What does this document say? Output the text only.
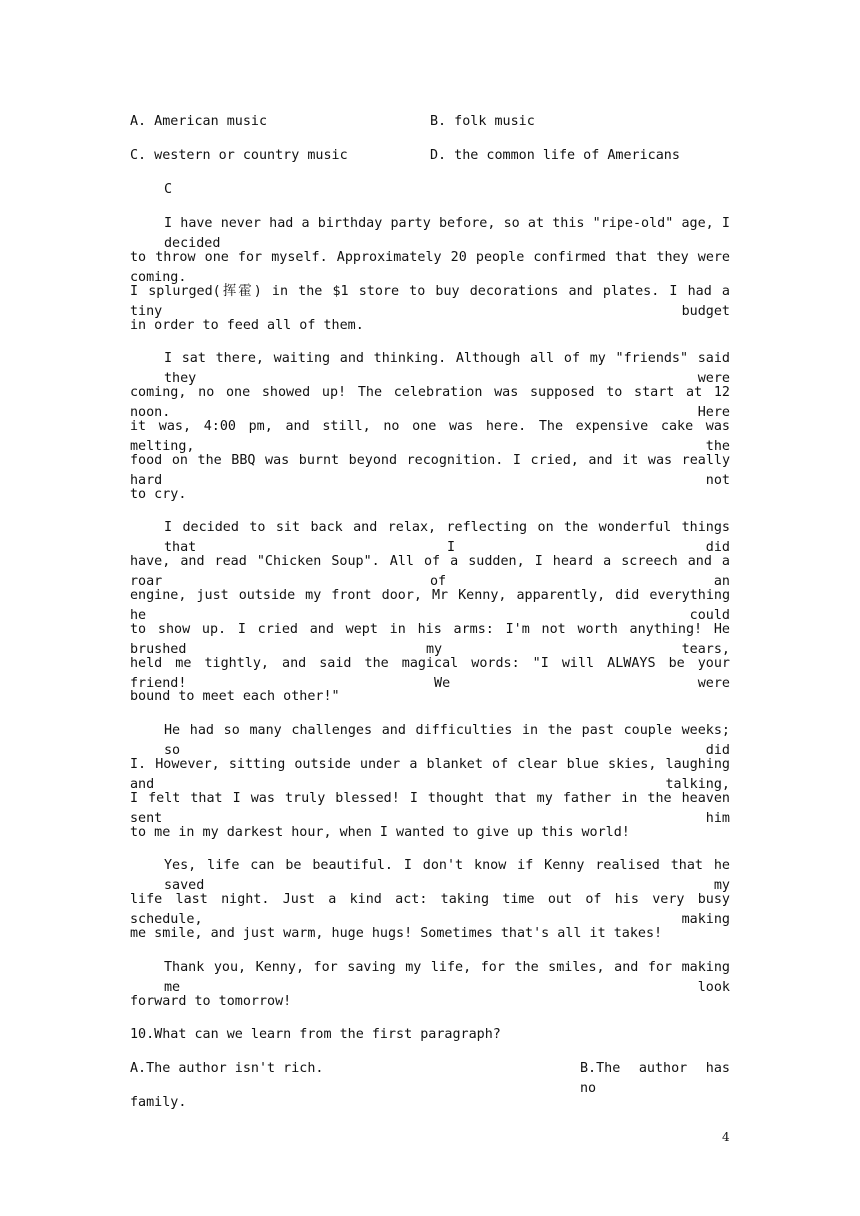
A. American music	B. folk music
C. western or country music	D. the common life of Americans
C
I have never had a birthday party before, so at this "ripe-old" age, I decided
to throw one for myself. Approximately 20 people confirmed that they were coming.
I splurged(挥霍) in the $1 store to buy decorations and plates. I had a tiny budget
in order to feed all of them.
I sat there, waiting and thinking. Although all of my "friends" said they were
coming, no one showed up! The celebration was supposed to start at 12 noon. Here
it was, 4:00 pm, and still, no one was here. The expensive cake was melting, the
food on the BBQ was burnt beyond recognition. I cried, and it was really hard not
to cry.
I decided to sit back and relax, reflecting on the wonderful things that I did
have, and read "Chicken Soup". All of a sudden, I heard a screech and a roar of an
engine, just outside my front door, Mr Kenny, apparently, did everything he could
to show up. I cried and wept in his arms: I'm not worth anything! He brushed my tears,
held me tightly, and said the magical words: "I will ALWAYS be your friend! We were
bound to meet each other!"
He had so many challenges and difficulties in the past couple weeks; so did
I. However, sitting outside under a blanket of clear blue skies, laughing and talking,
I felt that I was truly blessed! I thought that my father in the heaven sent him
to me in my darkest hour, when I wanted to give up this world!
Yes, life can be beautiful. I don't know if Kenny realised that he saved my
life last night. Just a kind act: taking time out of his very busy schedule, making
me smile, and just warm, huge hugs! Sometimes that's all it takes!
Thank you, Kenny, for saving my life, for the smiles, and for making me look
forward to tomorrow!
10.What can we learn from the first paragraph?
A.The author isn't rich.	B.The author has no
family.
4
